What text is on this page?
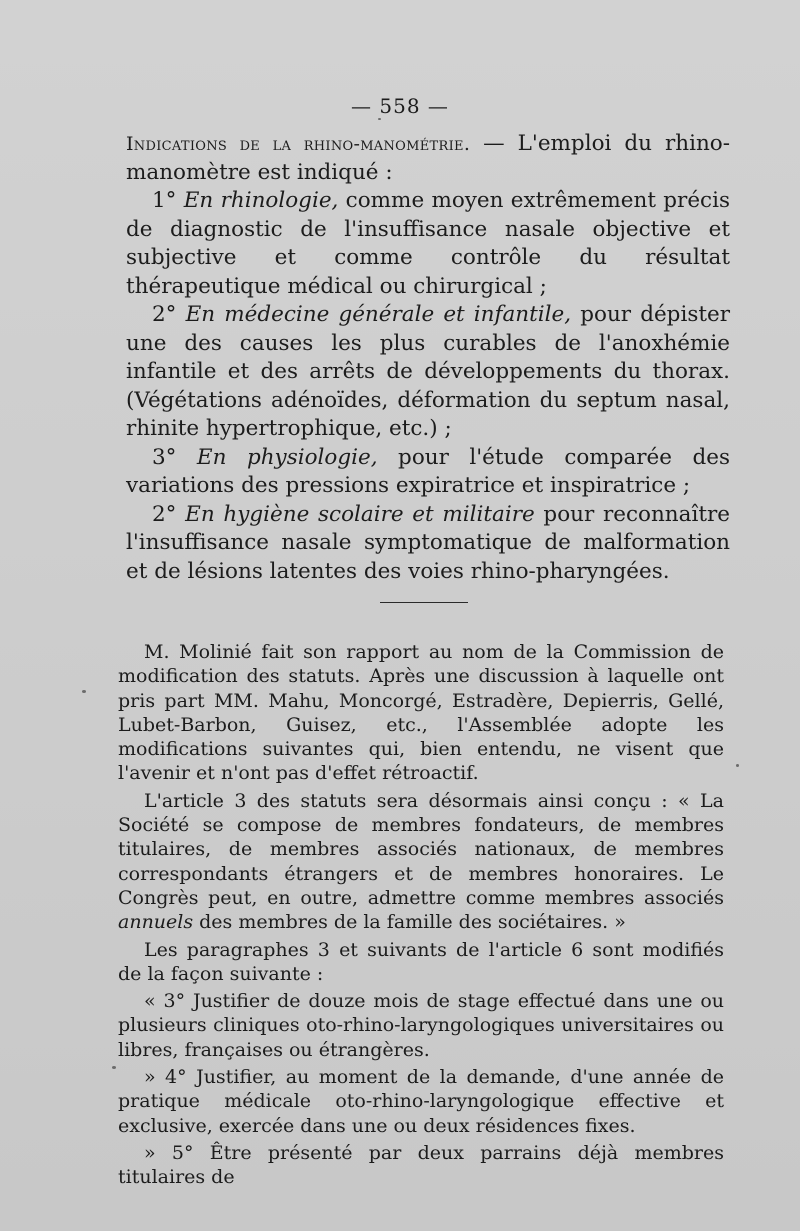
— 558 —

Indications de la rhino-manométrie. — L'emploi du rhino-manomètre est indiqué :

1° En rhinologie, comme moyen extrêmement précis de diagnostic de l'insuffisance nasale objective et subjective et comme contrôle du résultat thérapeutique médical ou chirurgical ;

2° En médecine générale et infantile, pour dépister une des causes les plus curables de l'anoxhémie infantile et des arrêts de développements du thorax. (Végétations adénoïdes, déformation du septum nasal, rhinite hypertrophique, etc.) ;

3° En physiologie, pour l'étude comparée des variations des pressions expiratrice et inspiratrice ;

2° En hygiène scolaire et militaire pour reconnaître l'insuffisance nasale symptomatique de malformation et de lésions latentes des voies rhino-pharyngées.

M. Molinié fait son rapport au nom de la Commission de modification des statuts. Après une discussion à laquelle ont pris part MM. Mahu, Moncorgé, Estradère, Depierris, Gellé, Lubet-Barbon, Guisez, etc., l'Assemblée adopte les modifications suivantes qui, bien entendu, ne visent que l'avenir et n'ont pas d'effet rétroactif.

L'article 3 des statuts sera désormais ainsi conçu : « La Société se compose de membres fondateurs, de membres titulaires, de membres associés nationaux, de membres correspondants étrangers et de membres honoraires. Le Congrès peut, en outre, admettre comme membres associés annuels des membres de la famille des sociétaires. »

Les paragraphes 3 et suivants de l'article 6 sont modifiés de la façon suivante :

« 3° Justifier de douze mois de stage effectué dans une ou plusieurs cliniques oto-rhino-laryngologiques universitaires ou libres, françaises ou étrangères.

» 4° Justifier, au moment de la demande, d'une année de pratique médicale oto-rhino-laryngologique effective et exclusive, exercée dans une ou deux résidences fixes.

» 5° Être présenté par deux parrains déjà membres titulaires de
